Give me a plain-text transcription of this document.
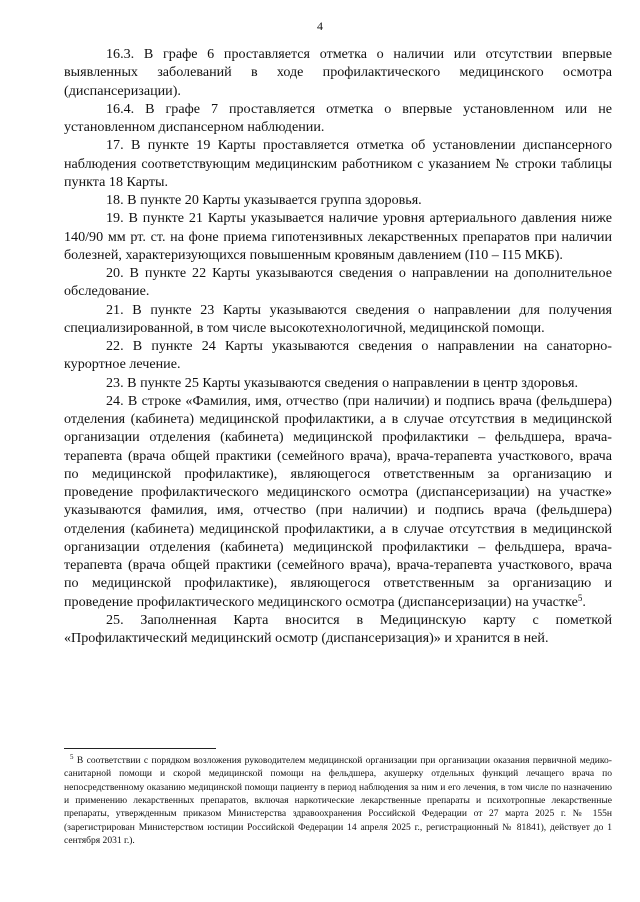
4

16.3. В графе 6 проставляется отметка о наличии или отсутствии впервые выявленных заболеваний в ходе профилактического медицинского осмотра (диспансеризации).

16.4. В графе 7 проставляется отметка о впервые установленном или не установленном диспансерном наблюдении.

17. В пункте 19 Карты проставляется отметка об установлении диспансерного наблюдения соответствующим медицинским работником с указанием № строки таблицы пункта 18 Карты.

18. В пункте 20 Карты указывается группа здоровья.

19. В пункте 21 Карты указывается наличие уровня артериального давления ниже 140/90 мм рт. ст. на фоне приема гипотензивных лекарственных препаратов при наличии болезней, характеризующихся повышенным кровяным давлением (I10 – I15 МКБ).

20. В пункте 22 Карты указываются сведения о направлении на дополнительное обследование.

21. В пункте 23 Карты указываются сведения о направлении для получения специализированной, в том числе высокотехнологичной, медицинской помощи.

22. В пункте 24 Карты указываются сведения о направлении на санаторно-курортное лечение.

23. В пункте 25 Карты указываются сведения о направлении в центр здоровья.

24. В строке «Фамилия, имя, отчество (при наличии) и подпись врача (фельдшера) отделения (кабинета) медицинской профилактики, а в случае отсутствия в медицинской организации отделения (кабинета) медицинской профилактики – фельдшера, врача-терапевта (врача общей практики (семейного врача), врача-терапевта участкового, врача по медицинской профилактике), являющегося ответственным за организацию и проведение профилактического медицинского осмотра (диспансеризации) на участке» указываются фамилия, имя, отчество (при наличии) и подпись врача (фельдшера) отделения (кабинета) медицинской профилактики, а в случае отсутствия в медицинской организации отделения (кабинета) медицинской профилактики – фельдшера, врача-терапевта (врача общей практики (семейного врача), врача-терапевта участкового, врача по медицинской профилактике), являющегося ответственным за организацию и проведение профилактического медицинского осмотра (диспансеризации) на участке$^5$.

25. Заполненная Карта вносится в Медицинскую карту с пометкой «Профилактический медицинский осмотр (диспансеризация)» и хранится в ней.

$^5$ В соответствии с порядком возложения руководителем медицинской организации при организации оказания первичной медико-санитарной помощи и скорой медицинской помощи на фельдшера, акушерку отдельных функций лечащего врача по непосредственному оказанию медицинской помощи пациенту в период наблюдения за ним и его лечения, в том числе по назначению и применению лекарственных препаратов, включая наркотические лекарственные препараты и психотропные лекарственные препараты, утвержденным приказом Министерства здравоохранения Российской Федерации от 27 марта 2025 г. № 155н (зарегистрирован Министерством юстиции Российской Федерации 14 апреля 2025 г., регистрационный № 81841), действует до 1 сентября 2031 г.).
